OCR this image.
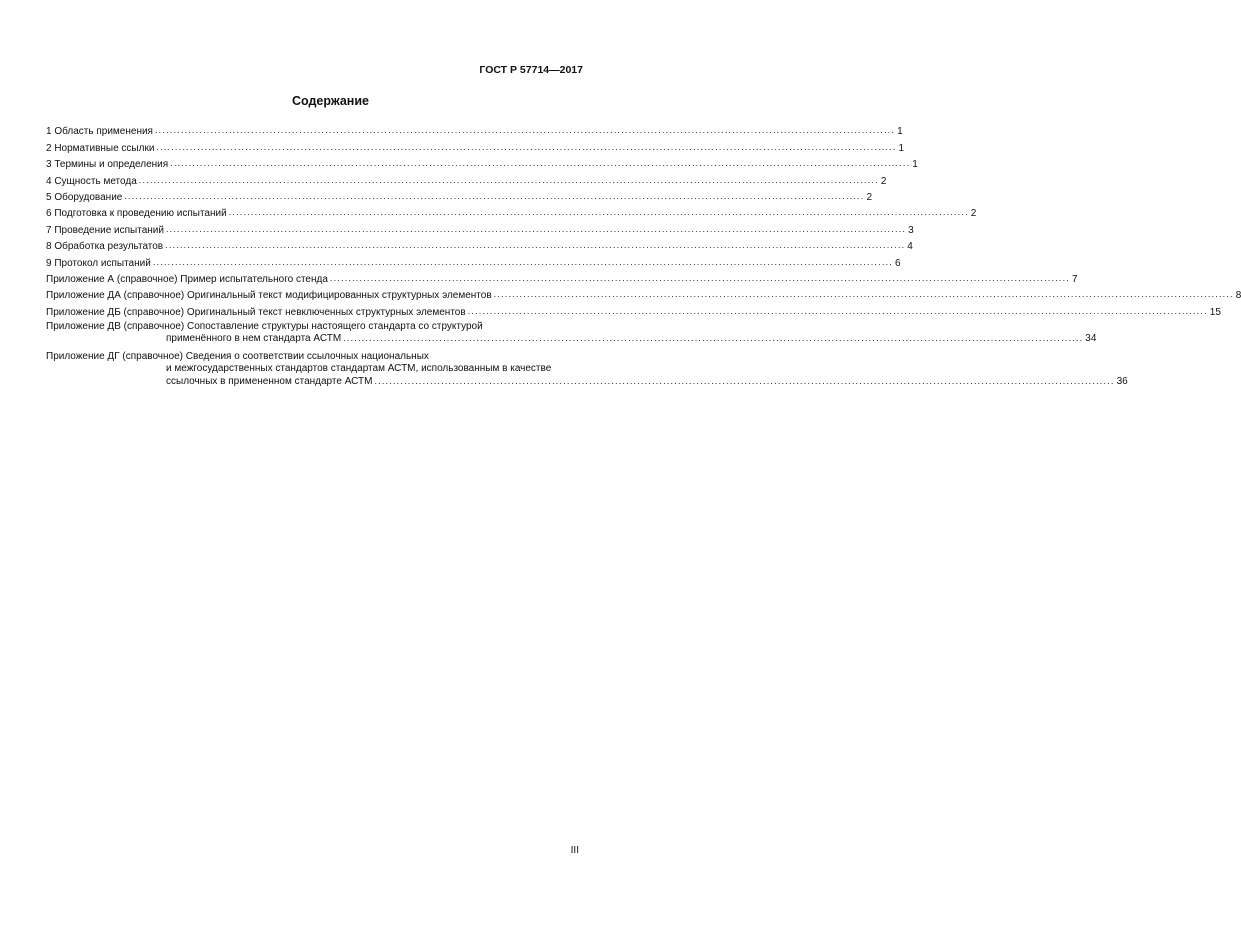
ГОСТ Р 57714—2017
Содержание
1 Область применения ........................................................................................................................................................................................................ 1
2 Нормативные ссылки ........................................................................................................................................................................................................ 1
3 Термины и определения ........................................................................................................................................................................................................ 1
4 Сущность метода ........................................................................................................................................................................................................ 2
5 Оборудование ........................................................................................................................................................................................................ 2
6 Подготовка к проведению испытаний ........................................................................................................................................................................................................ 2
7 Проведение испытаний ........................................................................................................................................................................................................ 3
8 Обработка результатов ........................................................................................................................................................................................................ 4
9 Протокол испытаний ........................................................................................................................................................................................................ 6
Приложение А (справочное) Пример испытательного стенда ........................................................................................................................................................................................................ 7
Приложение ДА (справочное) Оригинальный текст модифицированных структурных элементов ........................................................................................................................................................................................................ 8
Приложение ДБ (справочное) Оригинальный текст невключенных структурных элементов ........................................................................................................................................................................................................ 15
Приложение ДВ (справочное) Сопоставление структуры настоящего стандарта со структурой
применённого в нем стандарта АСТМ ........................................................................................................................................................................................................ 34
Приложение ДГ (справочное) Сведения о соответствии ссылочных национальных
и межгосударственных стандартов стандартам АСТМ, использованным в качестве
ссылочных в примененном стандарте АСТМ ........................................................................................................................................................................................................ 36
III
